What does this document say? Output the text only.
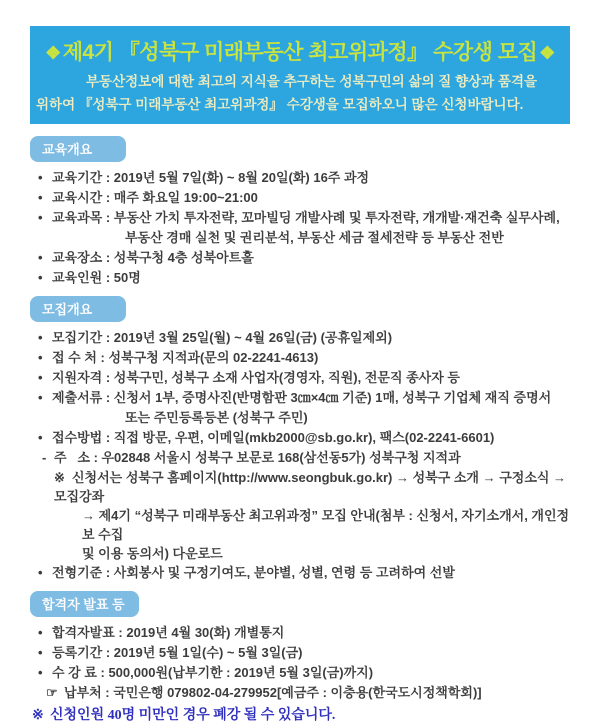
❖제4기 『성북구 미래부동산 최고위과정』 수강생 모집 ❖
부동산정보에 대한 최고의 지식을 추구하는 성북구민의 삶의 질 향상과 품격을
위하여 『성북구 미래부동산 최고위과정』 수강생을 모집하오니 많은 신청바랍니다.
교육개요
• 교육기간 : 2019년 5월 7일(화) ~ 8월 20일(화) 16주 과정
• 교육시간 : 매주 화요일 19:00~21:00
• 교육과목 : 부동산 가치 투자전략, 꼬마빌딩 개발사례 및 투자전략, 개개발·재건축 실무사례,
부동산 경매 실천 및 권리분석, 부동산 세금 절세전략 등 부동산 전반
• 교육장소 : 성북구청 4층 성북아트홀
• 교육인원 : 50명
모집개요
• 모집기간 : 2019년 3월 25일(월) ~ 4월 26일(금) (공휴일제외)
• 접 수 처 : 성북구청 지적과(문의 02-2241-4613)
• 지원자격 : 성북구민, 성북구 소재 사업자(경영자, 직원), 전문직 종사자 등
• 제출서류 : 신청서 1부, 증명사진(반명함판 3㎝×4㎝ 기준) 1매, 성북구 기업체 재직 증명서
또는 주민등록등본 (성북구 주민)
• 접수방법 : 직접 방문, 우편, 이메일(mkb2000@sb.go.kr), 팩스(02-2241-6601)
- 주   소 : 우02848 서울시 성북구 보문로 168(삼선동5가) 성북구청 지적과
※ 신청서는 성북구 홈페이지(http://www.seongbuk.go.kr) → 성북구 소개 → 구정소식 → 모집강좌
→ 제4기 “성북구 미래부동산 최고위과정” 모집 안내(첨부 : 신청서, 자기소개서, 개인정보 수집
및 이용 동의서) 다운로드
• 전형기준 : 사회봉사 및 구정기여도, 분야별, 성별, 연령 등 고려하여 선발
합격자 발표 등
• 합격자발표 : 2019년 4월 30(화) 개별통지
• 등록기간 : 2019년 5월 1일(수) ~ 5월 3일(금)
• 수 강 료 : 500,000원(납부기한 : 2019년 5월 3일(금)까지)
☞ 납부처 : 국민은행 079802-04-279952[예금주 : 이충용(한국도시정책학회)]
※ 신청인원 40명 미만인 경우 폐강 될 수 있습니다.
